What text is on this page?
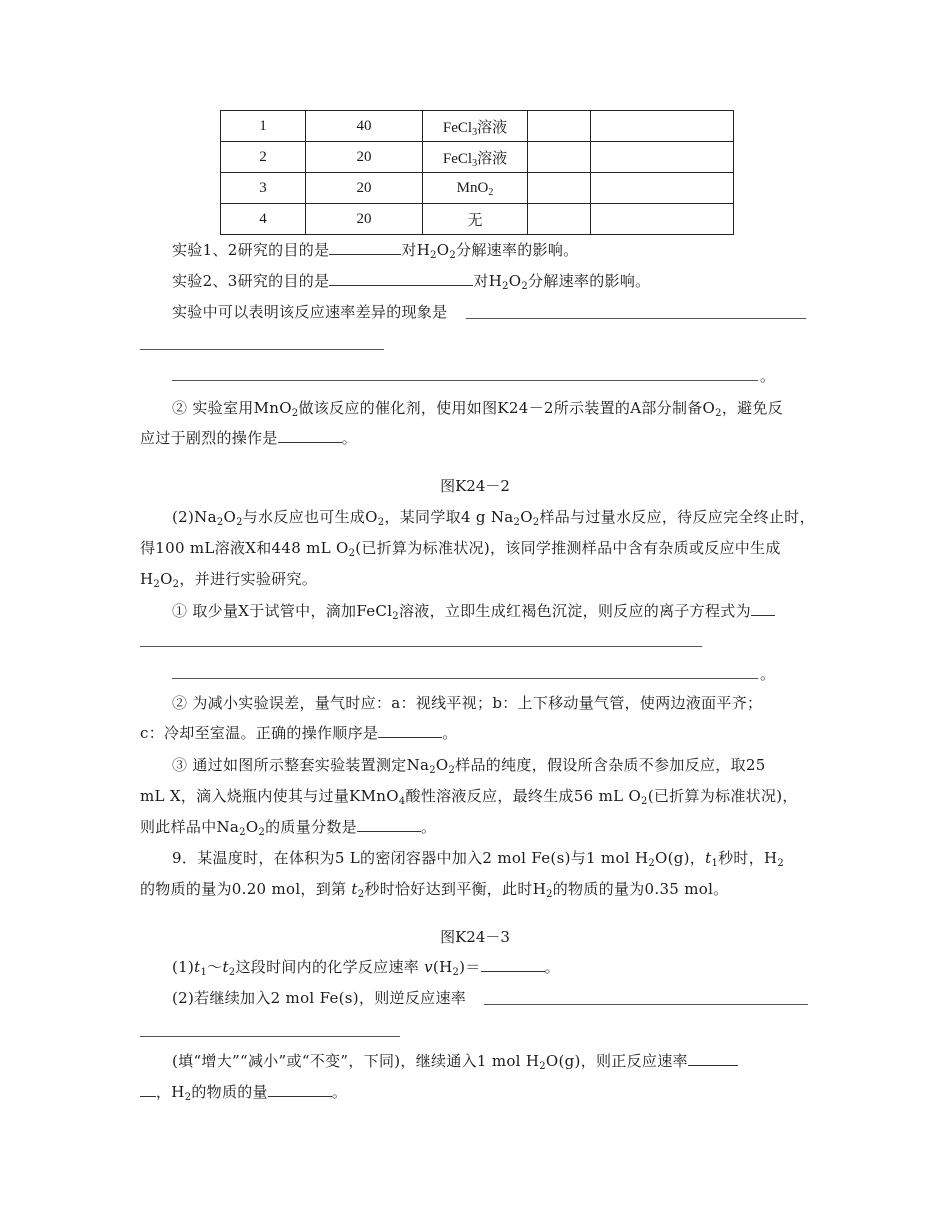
1	40	FeCl$_3$溶液		
2	20	FeCl$_3$溶液		
3	20	MnO$_2$		
4	20	无		
实验1、2研究的目的是	对$H_2O_2$分解速率的影响。
实验2、3研究的目的是	对$H_2O_2$分解速率的影响。
实验中可以表明该反应速率差异的现象是
。
② 实验室用MnO$_2$做该反应的催化剂，使用如图K24－2所示装置的A部分制备$O_2$，避免反
应过于剧烈的操作是	。
图K24－2
$(2)Na_2O_2$与水反应也可生成$O_2$，某同学取4 g $Na_2O_2$样品与过量水反应，待反应完全终止时，
得100 mL溶液X和448 mL $O_2$(已折算为标准状况)，该同学推测样品中含有杂质或反应中生成
$H_2O_2$，并进行实验研究。
① 取少量X于试管中，滴加FeCl$_2$溶液，立即生成红褐色沉淀，则反应的离子方程式为
。
② 为减小实验误差，量气时应：a：视线平视；b：上下移动量气管，使两边液面平齐；
c：冷却至室温。正确的操作顺序是	。
③ 通过如图所示整套实验装置测定$Na_2O_2$样品的纯度，假设所含杂质不参加反应，取25
mL X，滴入烧瓶内使其与过量KMnO$_4$酸性溶液反应，最终生成56 mL $O_2$(已折算为标准状况)，
则此样品中$Na_2O_2$的质量分数是	。
9．某温度时，在体积为5 L的密闭容器中加入2 mol Fe(s)与1 mol $H_2O(g)$，$t_1$秒时，$H_2$
的物质的量为0.20 mol，到第 $t_2$秒时恰好达到平衡，此时$H_2$的物质的量为0.35 mol。
图K24－3
$(1)t_1\sim t_2$这段时间内的化学反应速率 $v(H_2)=$	。
(2)若继续加入2 mol Fe(s)，则逆反应速率
(填“增大”“减小”或“不变”，下同)，继续通入1 mol $H_2O(g)$，则正反应速率
，$H_2$的物质的量	。
